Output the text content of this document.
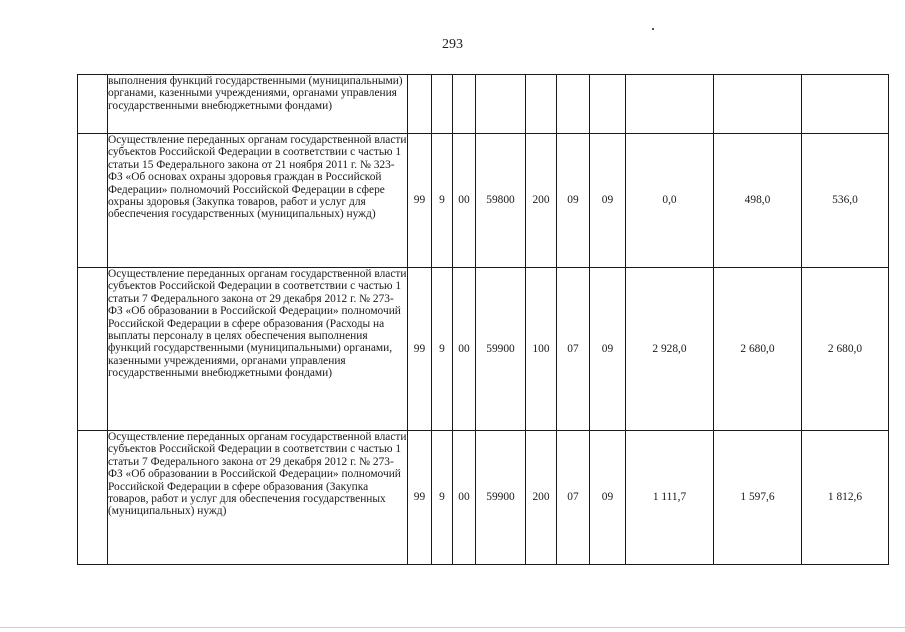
293
	выполнения функций государственными (муниципальными) органами, казенными учреждениями, органами управления государственными внебюджетными фондами)										
	Осуществление переданных органам государственной власти субъектов Российской Федерации в соответствии с частью 1 статьи 15 Федерального закона от 21 ноября 2011 г. № 323-ФЗ «Об основах охраны здоровья граждан в Российской Федерации» полномочий Российской Федерации в сфере охраны здоровья (Закупка товаров, работ и услуг для обеспечения государственных (муниципальных) нужд)	99	9	00	59800	200	09	09	0,0	498,0	536,0
	Осуществление переданных органам государственной власти субъектов Российской Федерации в соответствии с частью 1 статьи 7 Федерального закона от 29 декабря 2012 г. № 273-ФЗ «Об образовании в Российской Федерации» полномочий Российской Федерации в сфере образования (Расходы на выплаты персоналу в целях обеспечения выполнения функций государственными (муниципальными) органами, казенными учреждениями, органами управления государственными внебюджетными фондами)	99	9	00	59900	100	07	09	2 928,0	2 680,0	2 680,0
	Осуществление переданных органам государственной власти субъектов Российской Федерации в соответствии с частью 1 статьи 7 Федерального закона от 29 декабря 2012 г. № 273-ФЗ «Об образовании в Российской Федерации» полномочий Российской Федерации в сфере образования (Закупка товаров, работ и услуг для обеспечения государственных (муниципальных) нужд)	99	9	00	59900	200	07	09	1 111,7	1 597,6	1 812,6
